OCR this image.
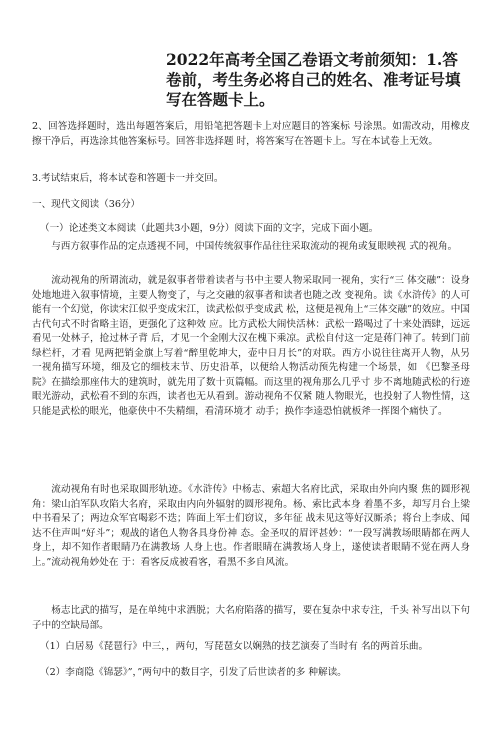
2022年高考全国乙卷语文考前须知：1.答卷前，考生务必将自己的姓名、准考证号填写在答题卡上。
2、回答选择题时，选出每题答案后，用铅笔把答题卡上对应题目的答案标 号涂黑。如需改动，用橡皮擦干净后，再选涂其他答案标号。回答非选择题 时，将答案写在答题卡上。写在本试卷上无效。
3.考试结束后，将本试卷和答题卡一并交回。
一、现代文阅读（36分）
（一）论述类文本阅读（此题共3小题，9分）阅读下面的文字，完成下面小题。
与西方叙事作品的定点透视不同，中国传统叙事作品往往采取流动的视角或复眼映视 式的视角。
流动视角的所谓流动，就是叙事者带着读者与书中主要人物采取同一视角，实行“三 体交融”：设身处地地进入叙事情境，主要人物变了，与之交融的叙事者和读者也随之改 变视角。读《水浒传》的人可能有一个幻觉，你读宋江似乎变成宋江，读武松似乎变成武 松，这便是视角上“三体交融”的效应。中国古代句式不时省略主语，更强化了这种效 应。比方武松大闹快活林：武松一路喝过了十来处酒肆，远远看见一处林子，抢过林子背 后，才见一个金刚大汉在槐下乘凉。武松自付这一定是蒋门神了。转到门前绿栏杆，才看 见两把销金旗上写着“醉里乾坤大，壶中日月长”的对联。西方小说往往离开人物，从另 一视角描写环境，细及它的细枝末节、历史沿革，以便给人物活动预先构建一个场景，如 《巴黎圣母院》在描绘那座伟大的建筑时，就先用了数十页篇幅。而这里的视角那么几乎寸 步不离地随武松的行迹眼光游动，武松看不到的东西，读者也无从看到。游动视角不仅紧 随人物眼光，也投射了人物性情，这只能是武松的眼光，他豪侠中不失精细，看清环境才 动手；换作李逵恐怕就板斧一挥图个痛快了。
流动视角有时也采取圆形轨迹。《水浒传》中杨志、索超大名府比武，采取由外向内聚 焦的圆形视角：梁山泊军队攻陷大名府，采取由内向外辐射的圆形视角。杨、索比武本身 着墨不多，却写月台上梁中书看呆了；两边众军官喝彩不迭；阵面上军士们窃议，多年征 战未见这等好汉厮杀；将台上李成、闻达不住声叫“好斗”；观战的诸色人物各具身份神 态。金圣叹的眉评甚妙：“一段写满教场眼睛都在两人身上，却不知作者眼睛乃在满教场 人身上也。作者眼睛在满教场人身上，遂使读者眼睛不觉在两人身上。”流动视角妙处在 于：看客反成被看客，看黑不多自风流。
杨志比武的描写，是在单纯中求洒脱；大名府陷落的描写，要在复杂中求专注，千头 补写出以下句子中的空缺局部。
（1）白居易《琵琶行》中三，，两句，写琵琶女以娴熟的技艺演奏了当时有 名的两首乐曲。
（2）李商隐《锦瑟》”，”两句中的数目字，引发了后世读者的多 种解读。
